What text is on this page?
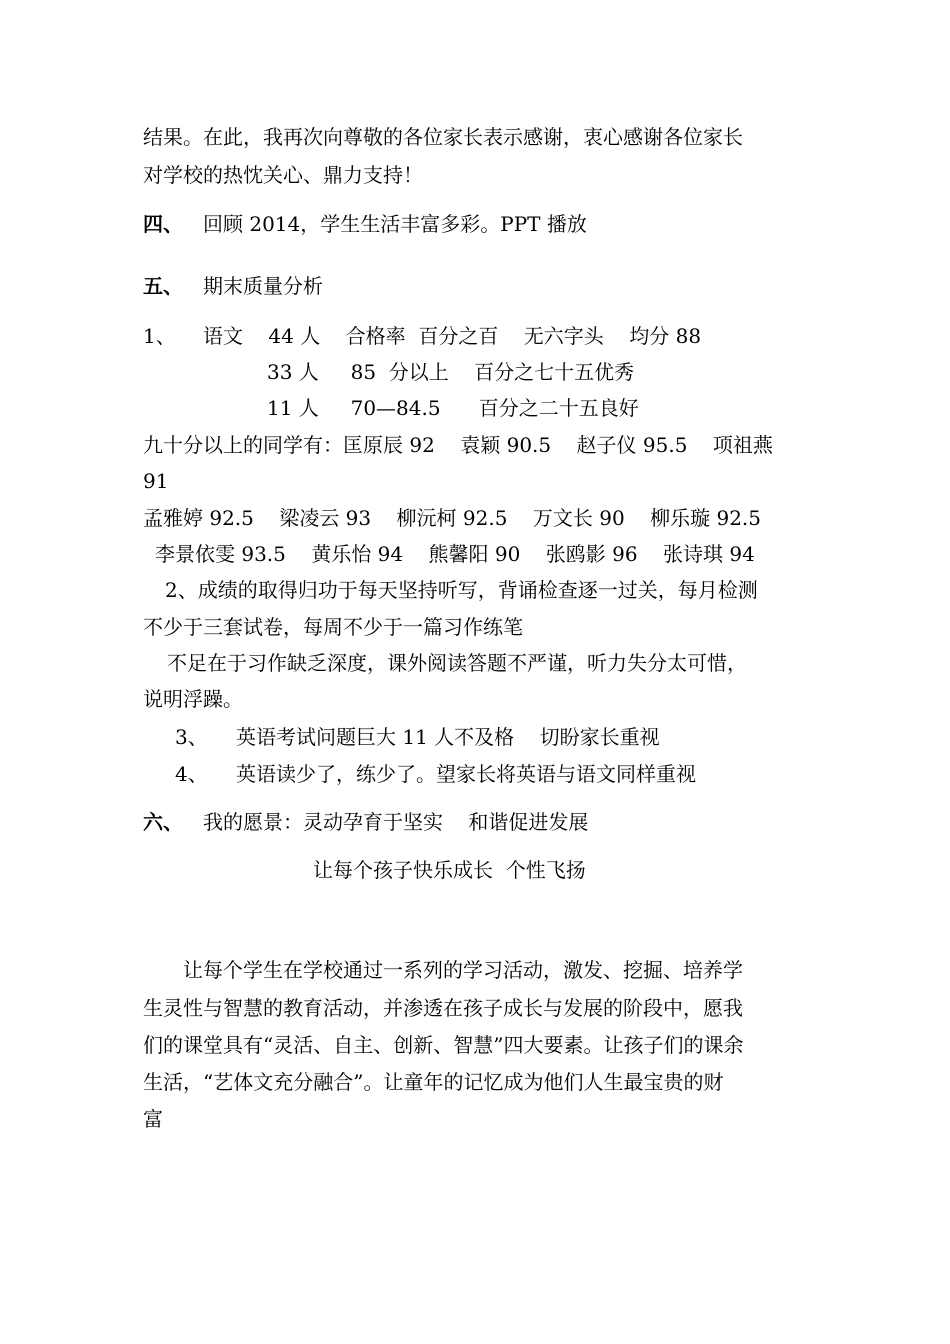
结果。在此，我再次向尊敬的各位家长表示感谢，衷心感谢各位家长
对学校的热忱关心、鼎力支持！
四、 回顾 2014，学生生活丰富多彩。PPT 播放
五、 期末质量分析
1、 语文    44 人    合格率  百分之百    无六字头    均分 88
33 人     85  分以上    百分之七十五优秀
11 人     70—84.5      百分之二十五良好
九十分以上的同学有：匡原辰 92    袁颖 90.5    赵子仪 95.5    项祖燕
91
孟雅婷 92.5    梁凌云 93    柳沅柯 92.5    万文长 90    柳乐璇 92.5
李景依雯 93.5    黄乐怡 94    熊馨阳 90    张鸥影 96    张诗琪 94
2、成绩的取得归功于每天坚持听写，背诵检查逐一过关，每月检测
不少于三套试卷，每周不少于一篇习作练笔
不足在于习作缺乏深度，课外阅读答题不严谨，听力失分太可惜，
说明浮躁。
3、 英语考试问题巨大 11 人不及格    切盼家长重视
4、 英语读少了，练少了。望家长将英语与语文同样重视
六、 我的愿景：灵动孕育于坚实    和谐促进发展
让每个孩子快乐成长  个性飞扬
让每个学生在学校通过一系列的学习活动，激发、挖掘、培养学
生灵性与智慧的教育活动，并渗透在孩子成长与发展的阶段中，愿我
们的课堂具有“灵活、自主、创新、智慧”四大要素。让孩子们的课余
生活，“艺体文充分融合”。让童年的记忆成为他们人生最宝贵的财
富
